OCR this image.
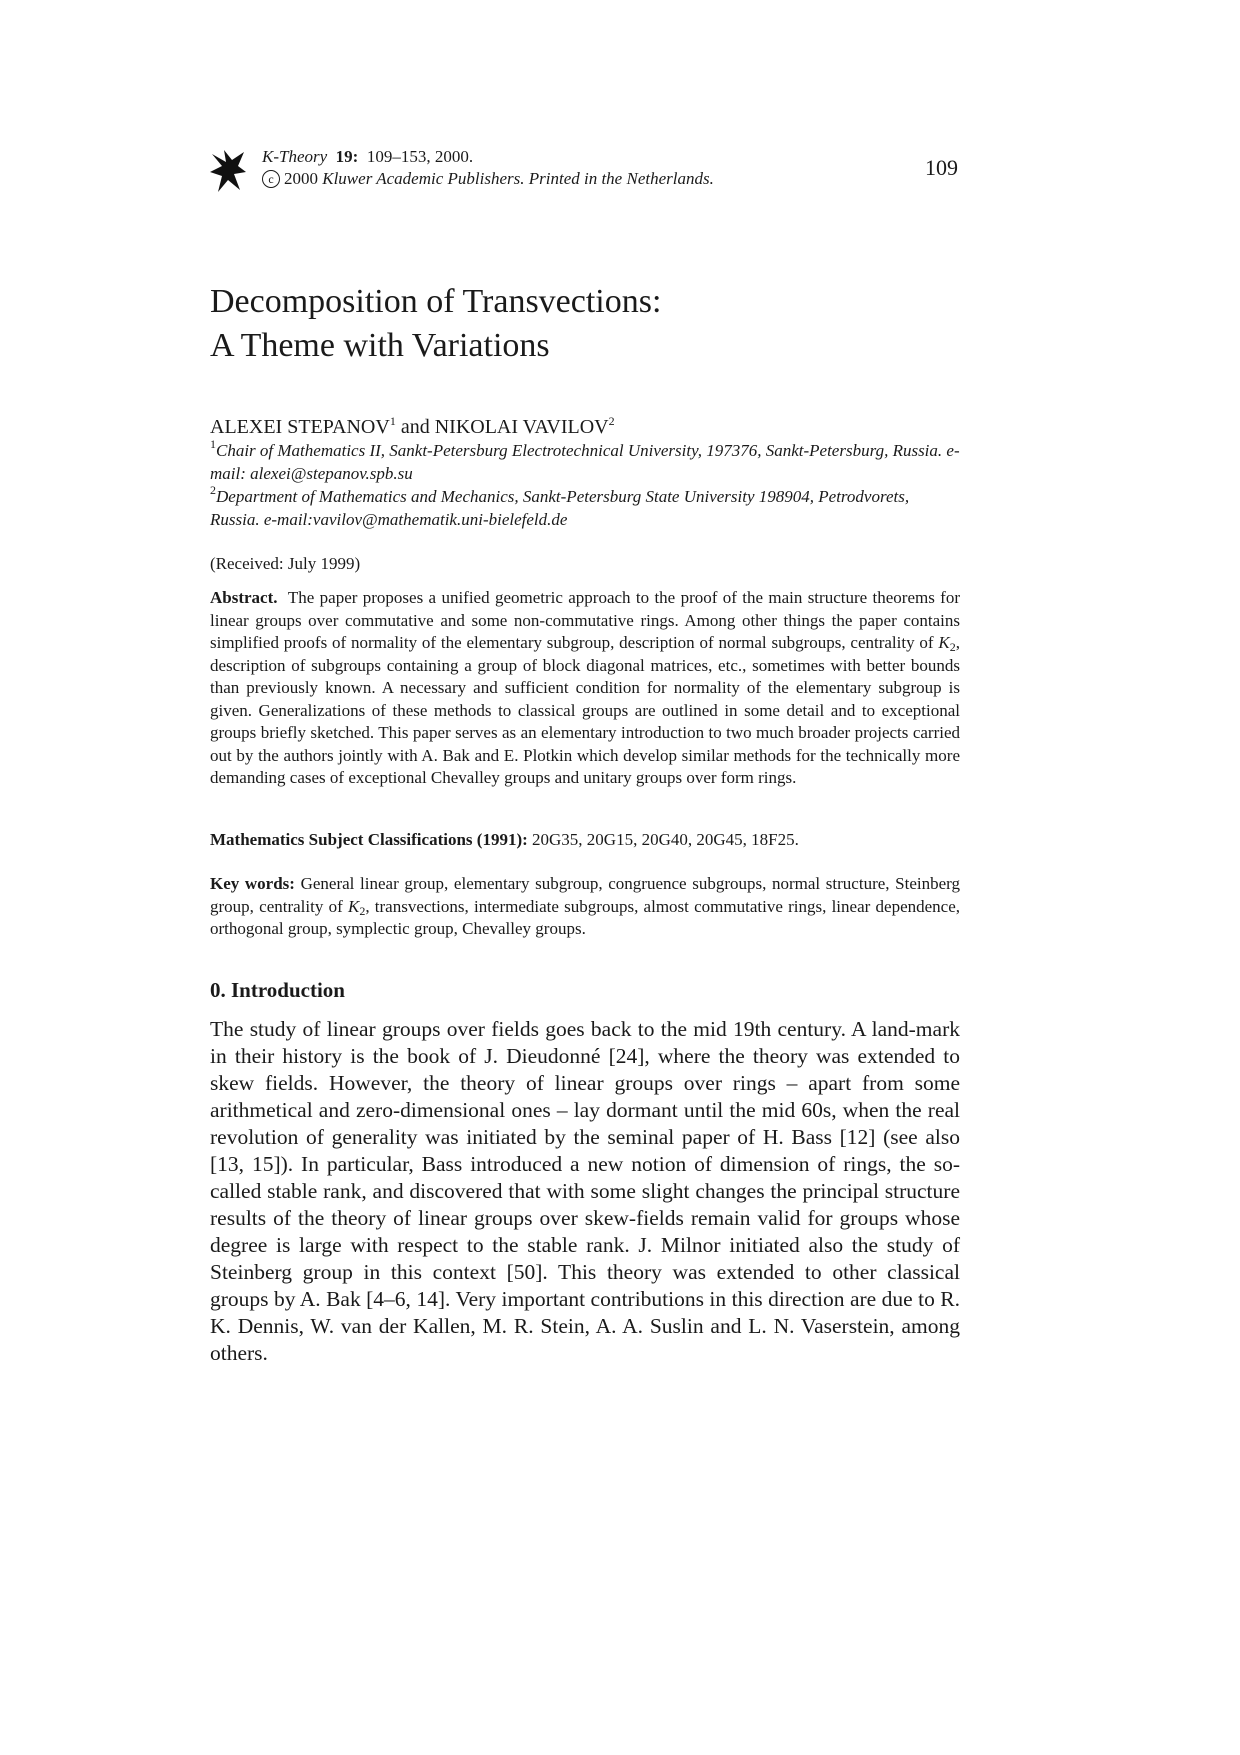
K-Theory 19: 109–153, 2000.
c 2000 Kluwer Academic Publishers. Printed in the Netherlands.	109
Decomposition of Transvections:
A Theme with Variations
ALEXEI STEPANOV$^1$ and NIKOLAI VAVILOV$^2$
$^1$Chair of Mathematics II, Sankt-Petersburg Electrotechnical University, 197376, Sankt-Petersburg, Russia. e-mail: alexei@stepanov.spb.su
$^2$Department of Mathematics and Mechanics, Sankt-Petersburg State University 198904, Petrodvorets, Russia. e-mail:vavilov@mathematik.uni-bielefeld.de
(Received: July 1999)
Abstract. The paper proposes a unified geometric approach to the proof of the main structure theorems for linear groups over commutative and some non-commutative rings. Among other things the paper contains simplified proofs of normality of the elementary subgroup, description of normal subgroups, centrality of $K_2$, description of subgroups containing a group of block diagonal matrices, etc., sometimes with better bounds than previously known. A necessary and sufficient condition for normality of the elementary subgroup is given. Generalizations of these methods to classical groups are outlined in some detail and to exceptional groups briefly sketched. This paper serves as an elementary introduction to two much broader projects carried out by the authors jointly with A. Bak and E. Plotkin which develop similar methods for the technically more demanding cases of exceptional Chevalley groups and unitary groups over form rings.
Mathematics Subject Classifications (1991): 20G35, 20G15, 20G40, 20G45, 18F25.
Key words: General linear group, elementary subgroup, congruence subgroups, normal structure, Steinberg group, centrality of $K_2$, transvections, intermediate subgroups, almost commutative rings, linear dependence, orthogonal group, symplectic group, Chevalley groups.
0. Introduction
The study of linear groups over fields goes back to the mid 19th century. A land-mark in their history is the book of J. Dieudonné [24], where the theory was extended to skew fields. However, the theory of linear groups over rings – apart from some arithmetical and zero-dimensional ones – lay dormant until the mid 60s, when the real revolution of generality was initiated by the seminal paper of H. Bass [12] (see also [13, 15]). In particular, Bass introduced a new notion of dimension of rings, the so-called stable rank, and discovered that with some slight changes the principal structure results of the theory of linear groups over skew-fields remain valid for groups whose degree is large with respect to the stable rank. J. Milnor initiated also the study of Steinberg group in this context [50]. This theory was extended to other classical groups by A. Bak [4–6, 14]. Very important contributions in this direction are due to R. K. Dennis, W. van der Kallen, M. R. Stein, A. A. Suslin and L. N. Vaserstein, among others.
